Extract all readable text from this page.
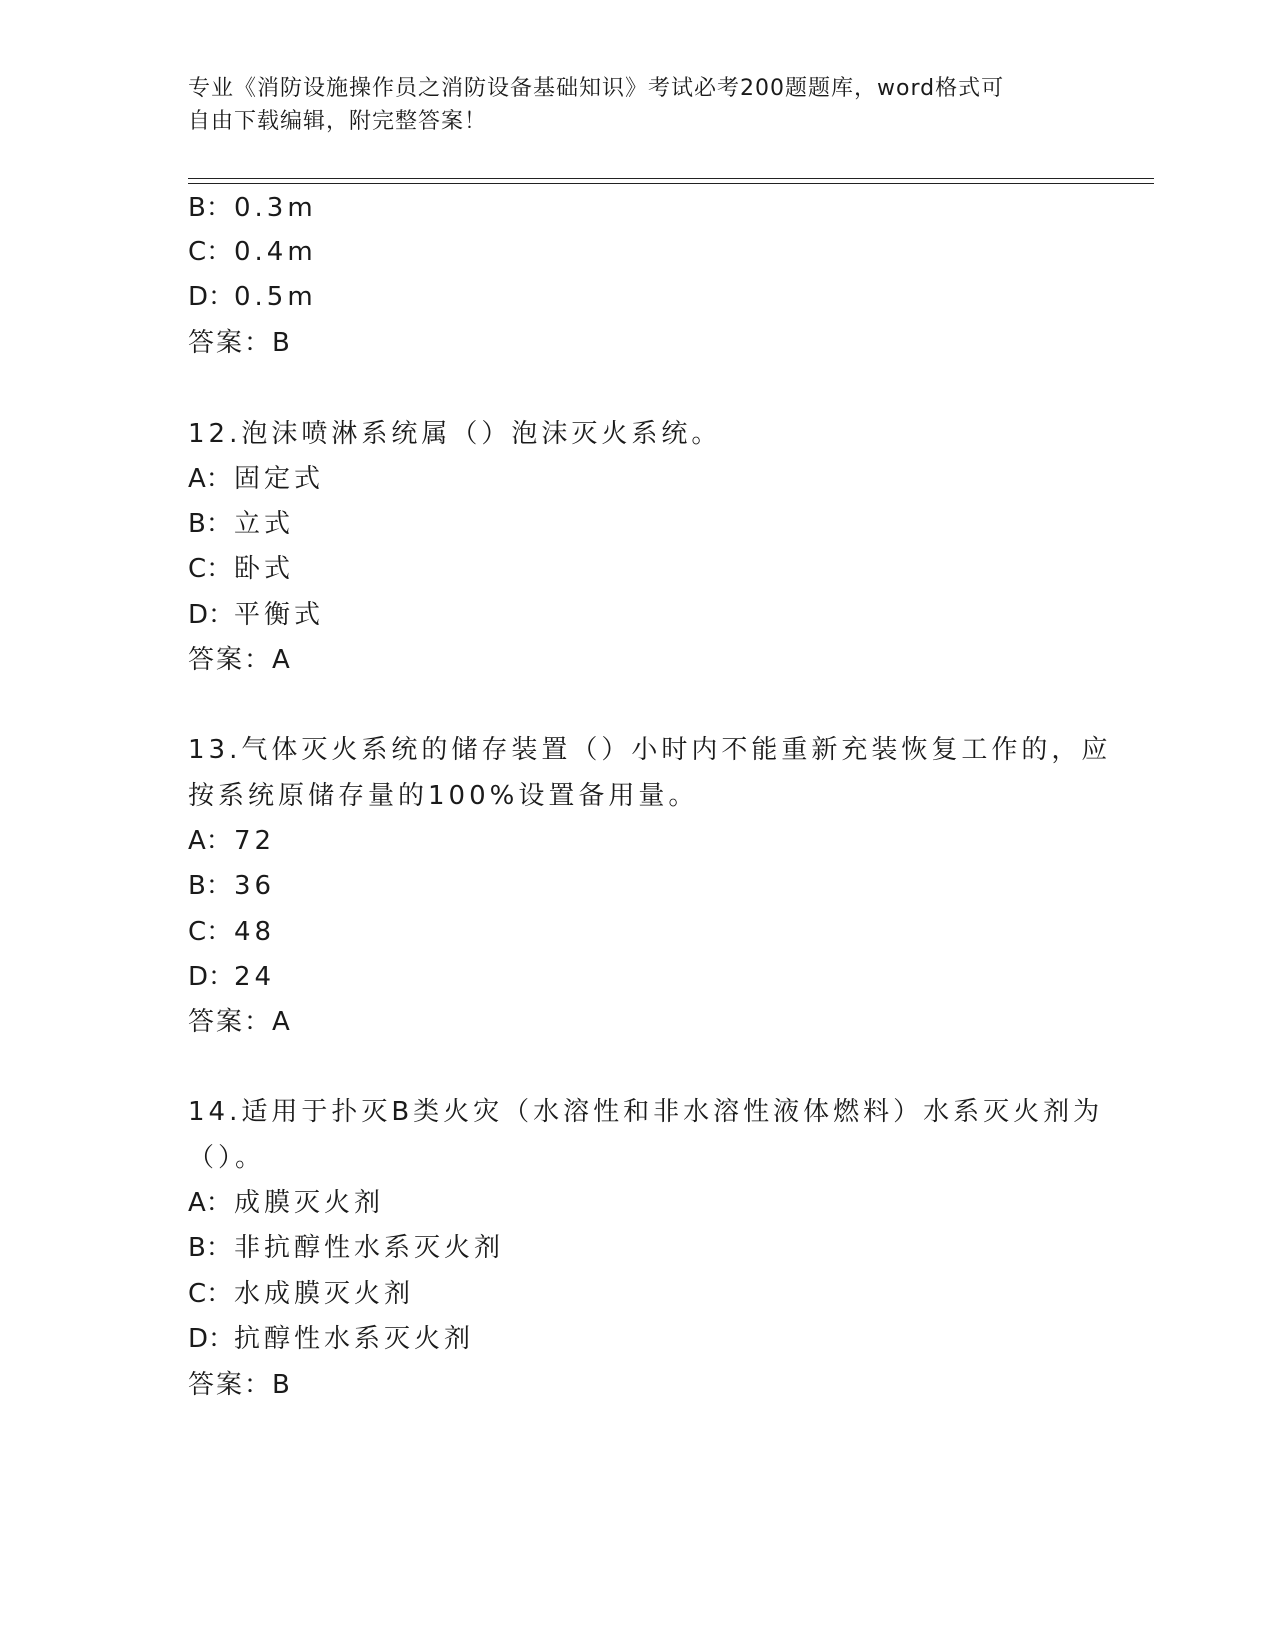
专业《消防设施操作员之消防设备基础知识》考试必考200题题库，word格式可
自由下载编辑，附完整答案！
B：0.3m
C：0.4m
D：0.5m
答案：B
12.泡沫喷淋系统属（）泡沫灭火系统。
A：固定式
B：立式
C：卧式
D：平衡式
答案：A
13.气体灭火系统的储存装置（）小时内不能重新充装恢复工作的，应
按系统原储存量的100%设置备用量。
A：72
B：36
C：48
D：24
答案：A
14.适用于扑灭B类火灾（水溶性和非水溶性液体燃料）水系灭火剂为
（）。
A：成膜灭火剂
B：非抗醇性水系灭火剂
C：水成膜灭火剂
D：抗醇性水系灭火剂
答案：B
